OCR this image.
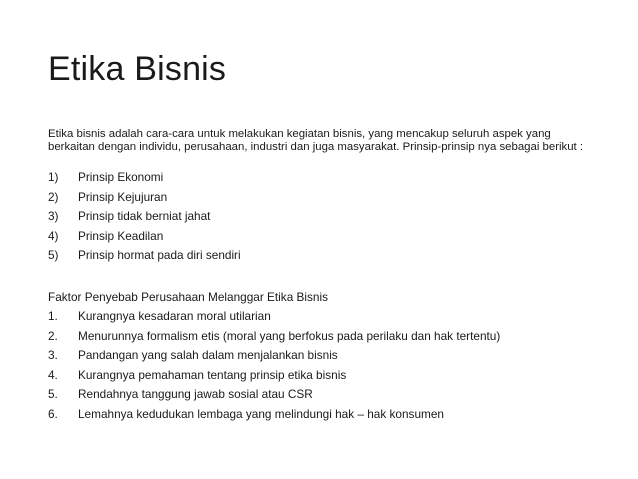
Etika Bisnis
Etika bisnis adalah cara-cara untuk melakukan kegiatan bisnis, yang mencakup seluruh aspek yang berkaitan dengan individu, perusahaan, industri dan juga masyarakat. Prinsip-prinsip nya sebagai berikut :
1)	Prinsip Ekonomi
2)	Prinsip Kejujuran
3)	Prinsip tidak berniat jahat
4)	Prinsip Keadilan
5)	Prinsip hormat pada diri sendiri
Faktor Penyebab Perusahaan Melanggar Etika Bisnis
1.	Kurangnya kesadaran moral utilarian
2.	Menurunnya formalism etis (moral yang berfokus pada perilaku dan hak tertentu)
3.	Pandangan yang salah dalam menjalankan bisnis
4.	Kurangnya pemahaman tentang prinsip etika bisnis
5.	Rendahnya tanggung jawab sosial atau CSR
6.	Lemahnya kedudukan lembaga yang melindungi hak – hak konsumen
